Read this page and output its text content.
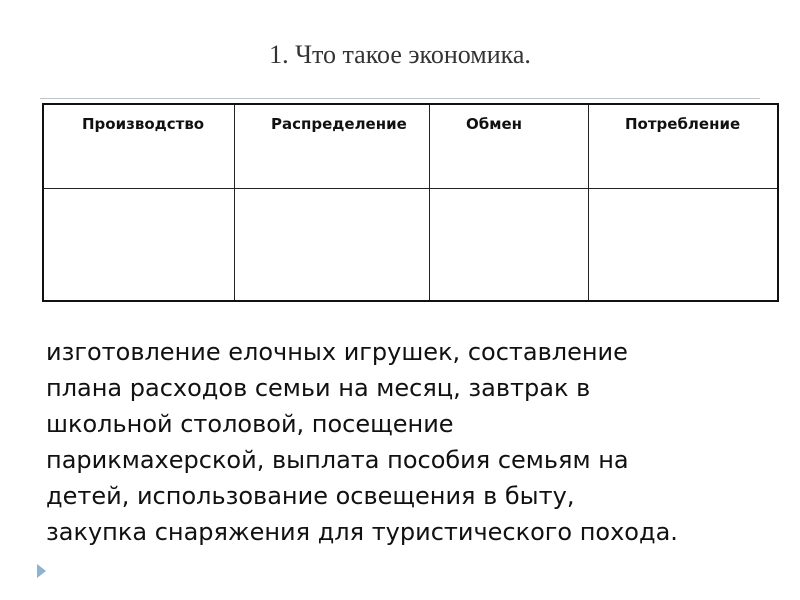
1. Что такое экономика.
Производство	Распределение	Обмен	Потребление

изготовление елочных игрушек, составление
плана расходов семьи на месяц, завтрак в
школьной столовой, посещение
парикмахерской, выплата пособия семьям на
детей, использование освещения в быту,
закупка снаряжения для туристического похода.
